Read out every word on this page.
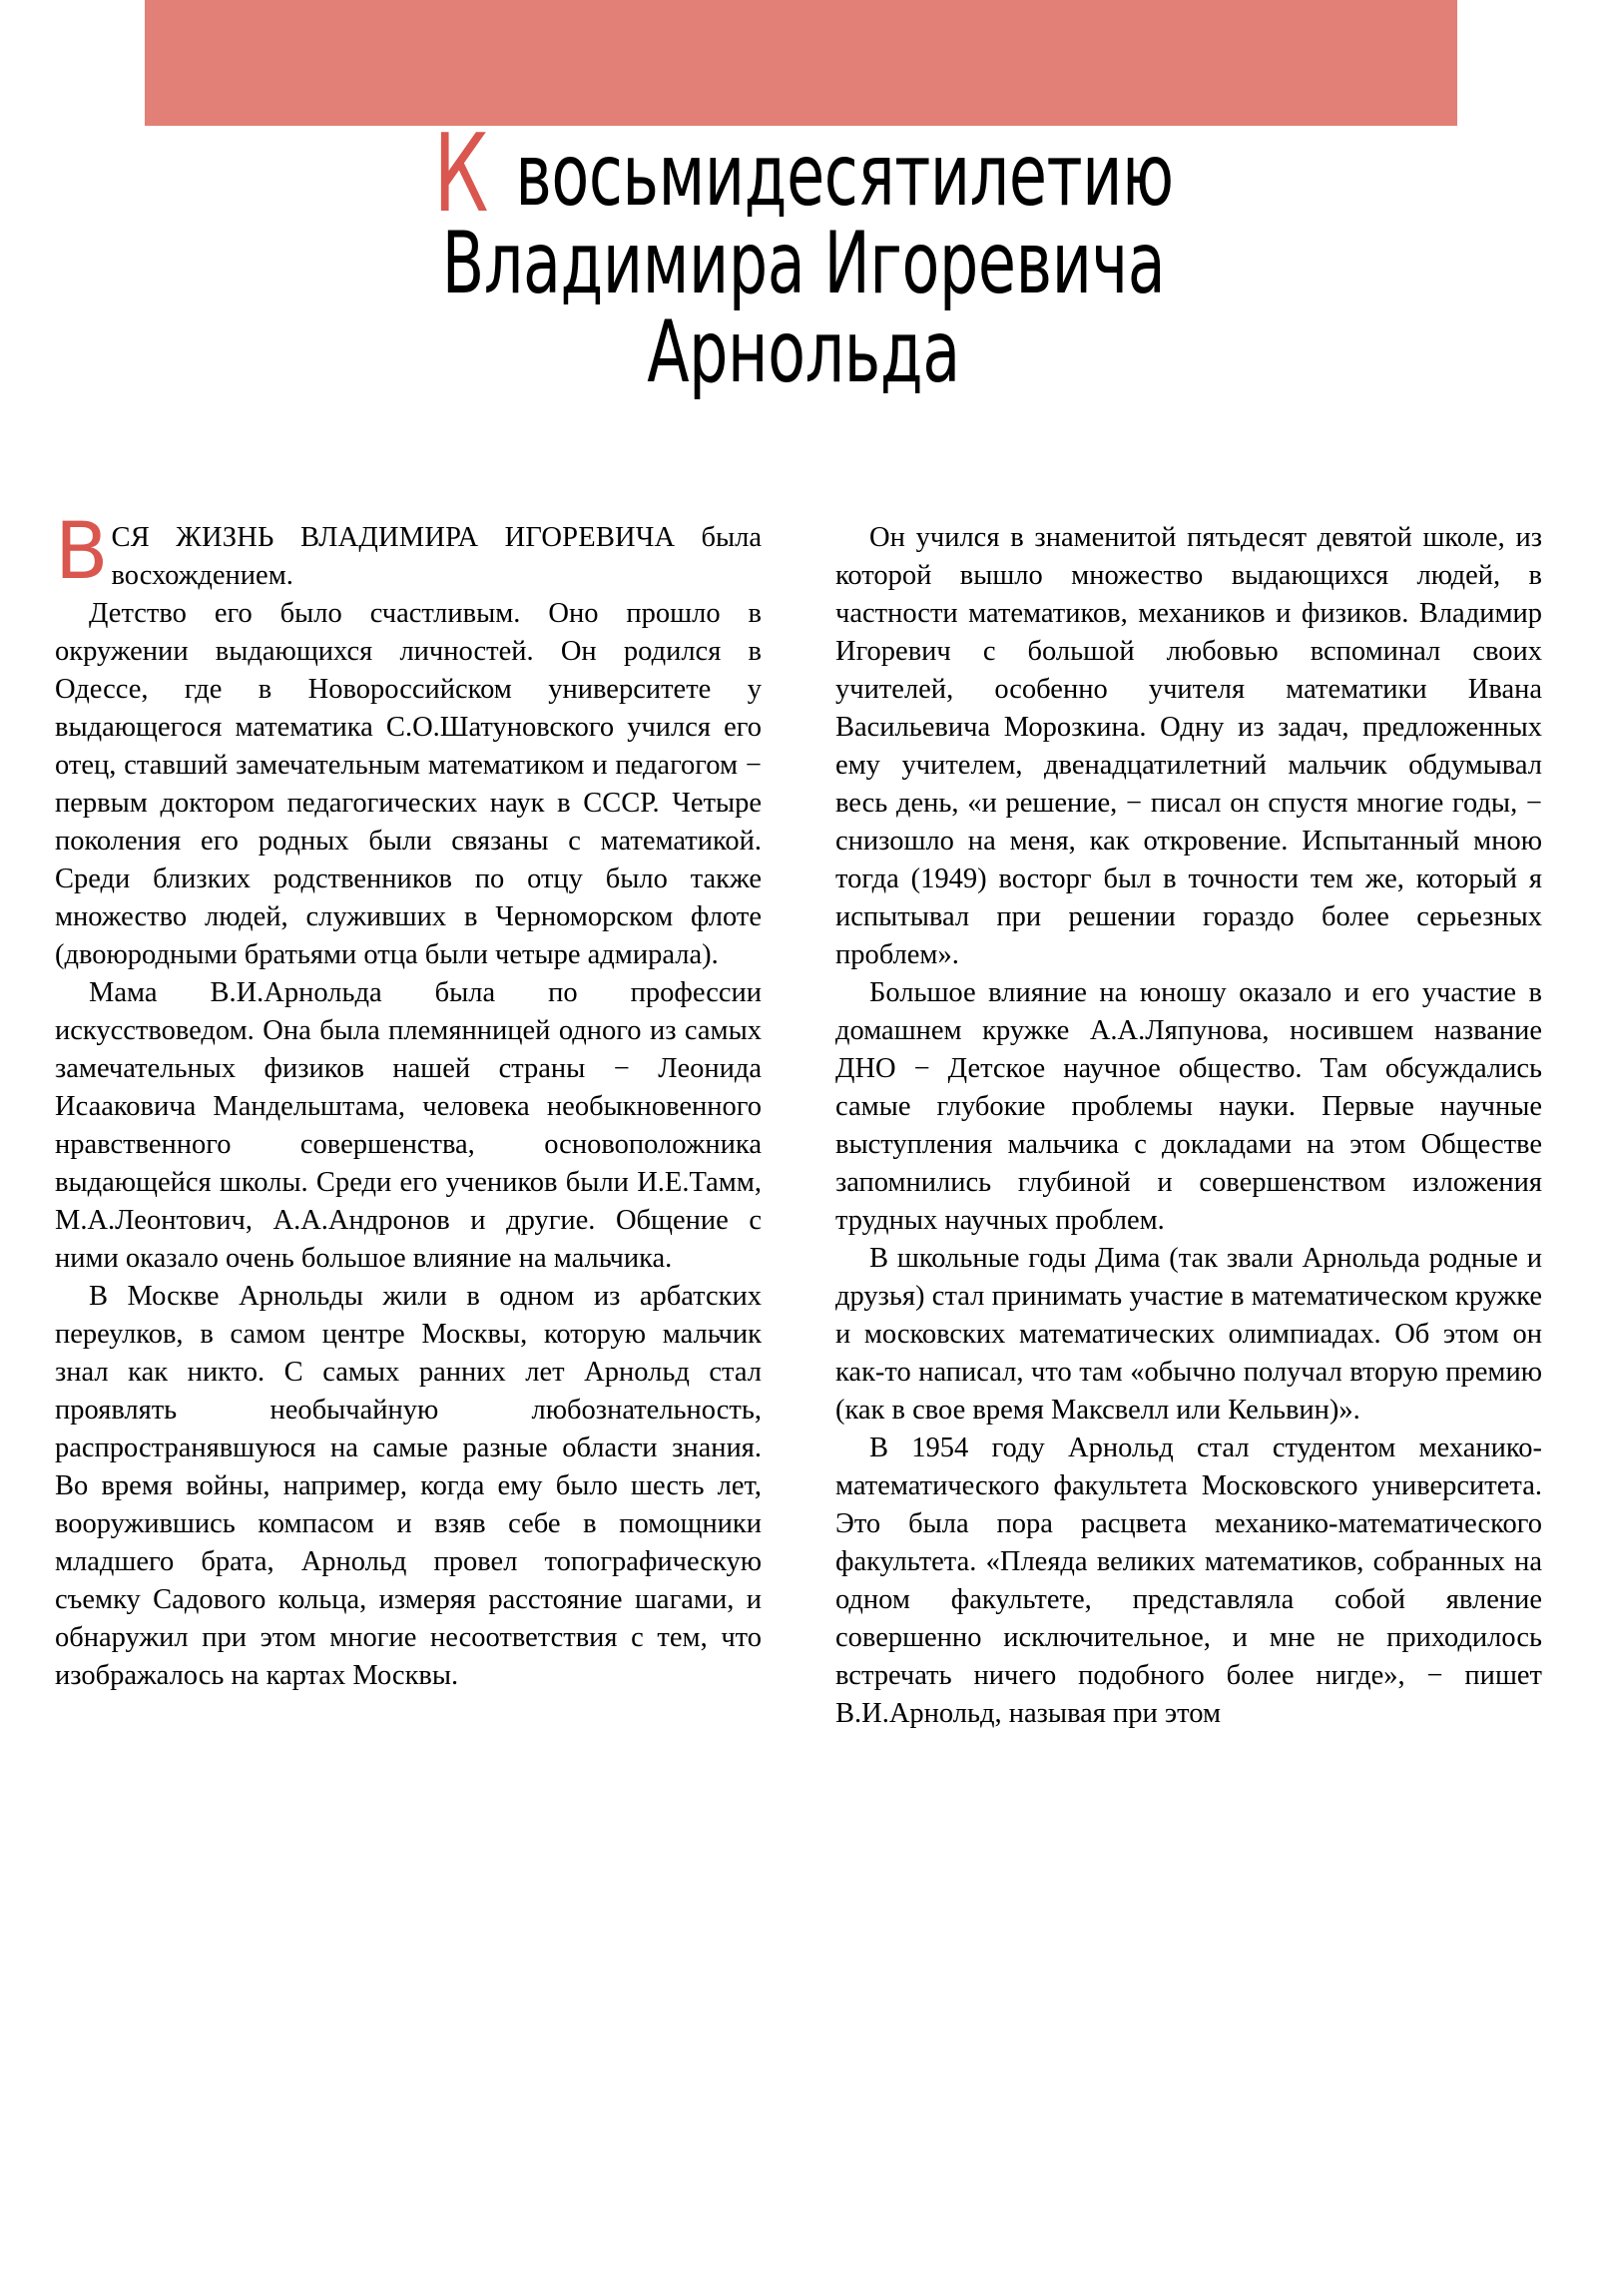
К восьмидесятилетию
Владимира Игоревича
Арнольда

ВСЯ ЖИЗНЬ ВЛАДИМИРА ИГОРЕВИЧА была восхождением.

Детство его было счастливым. Оно прошло в окружении выдающихся личностей. Он родился в Одессе, где в Новороссийском университете у выдающегося математика С.О.Шатуновского учился его отец, ставший замечательным математиком и педагогом − первым доктором педагогических наук в СССР. Четыре поколения его родных были связаны с математикой. Среди близких родственников по отцу было также множество людей, служивших в Черноморском флоте (двоюродными братьями отца были четыре адмирала).

Мама В.И.Арнольда была по профессии искусствоведом. Она была племянницей одного из самых замечательных физиков нашей страны − Леонида Исааковича Мандельштама, человека необыкновенного нравственного совершенства, основоположника выдающейся школы. Среди его учеников были И.Е.Тамм, М.А.Леонтович, А.А.Андронов и другие. Общение с ними оказало очень большое влияние на мальчика.

В Москве Арнольды жили в одном из арбатских переулков, в самом центре Москвы, которую мальчик знал как никто. С самых ранних лет Арнольд стал проявлять необычайную любознательность, распространявшуюся на самые разные области знания. Во время войны, например, когда ему было шесть лет, вооружившись компасом и взяв себе в помощники младшего брата, Арнольд провел топографическую съемку Садового кольца, измеряя расстояние шагами, и обнаружил при этом многие несоответствия с тем, что изображалось на картах Москвы.

Он учился в знаменитой пятьдесят девятой школе, из которой вышло множество выдающихся людей, в частности математиков, механиков и физиков. Владимир Игоревич с большой любовью вспоминал своих учителей, особенно учителя математики Ивана Васильевича Морозкина. Одну из задач, предложенных ему учителем, двенадцатилетний мальчик обдумывал весь день, «и решение, − писал он спустя многие годы, − снизошло на меня, как откровение. Испытанный мною тогда (1949) восторг был в точности тем же, который я испытывал при решении гораздо более серьезных проблем».

Большое влияние на юношу оказало и его участие в домашнем кружке А.А.Ляпунова, носившем название ДНО − Детское научное общество. Там обсуждались самые глубокие проблемы науки. Первые научные выступления мальчика с докладами на этом Обществе запомнились глубиной и совершенством изложения трудных научных проблем.

В школьные годы Дима (так звали Арнольда родные и друзья) стал принимать участие в математическом кружке и московских математических олимпиадах. Об этом он как-то написал, что там «обычно получал вторую премию (как в свое время Максвелл или Кельвин)».

В 1954 году Арнольд стал студентом механико-математического факультета Московского университета. Это была пора расцвета механико-математического факультета. «Плеяда великих математиков, собранных на одном факультете, представляла собой явление совершенно исключительное, и мне не приходилось встречать ничего подобного более нигде», − пишет В.И.Арнольд, называя при этом
